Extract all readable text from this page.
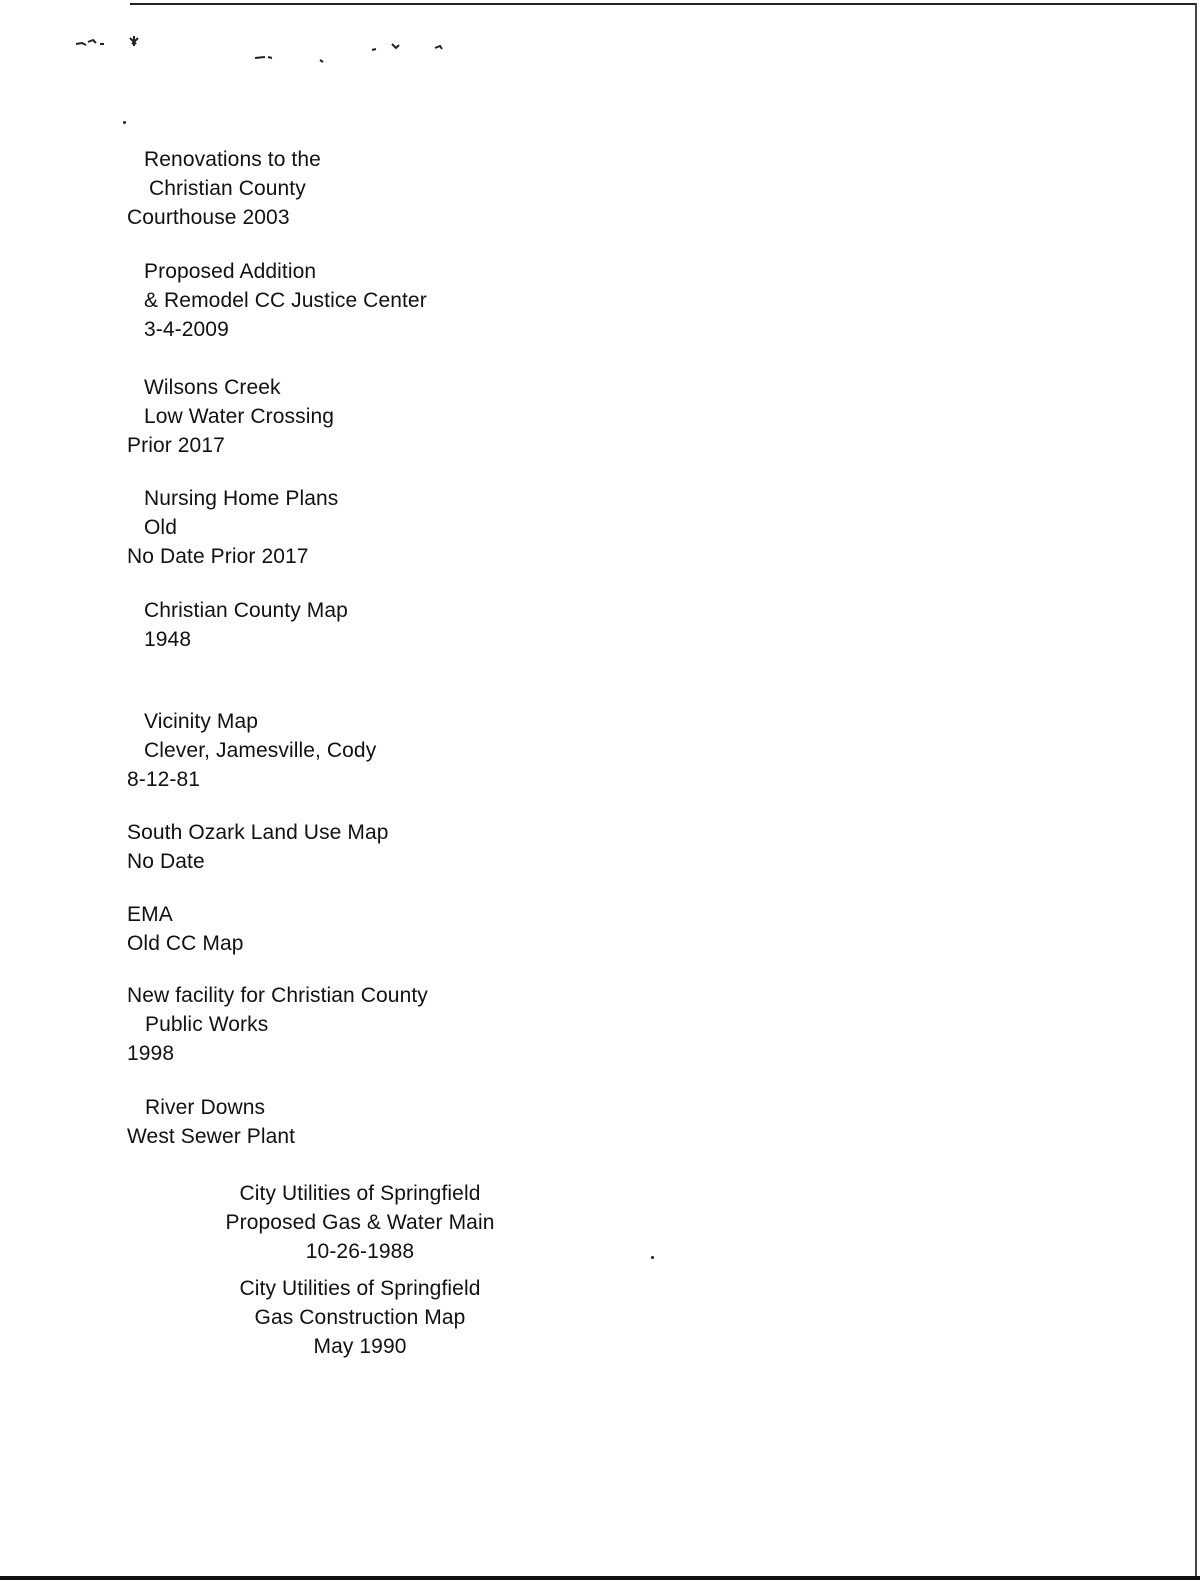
Renovations to the
Christian County
Courthouse 2003
Proposed Addition
& Remodel CC Justice Center
3-4-2009
Wilsons Creek
Low Water Crossing
Prior 2017
Nursing Home Plans
Old
No Date Prior 2017
Christian County Map
1948
Vicinity Map
Clever, Jamesville, Cody
8-12-81
South Ozark Land Use Map
No Date
EMA
Old CC Map
New facility for Christian County
Public Works
1998
River Downs
West Sewer Plant
City Utilities of Springfield
Proposed Gas & Water Main
10-26-1988
City Utilities of Springfield
Gas Construction Map
May 1990
